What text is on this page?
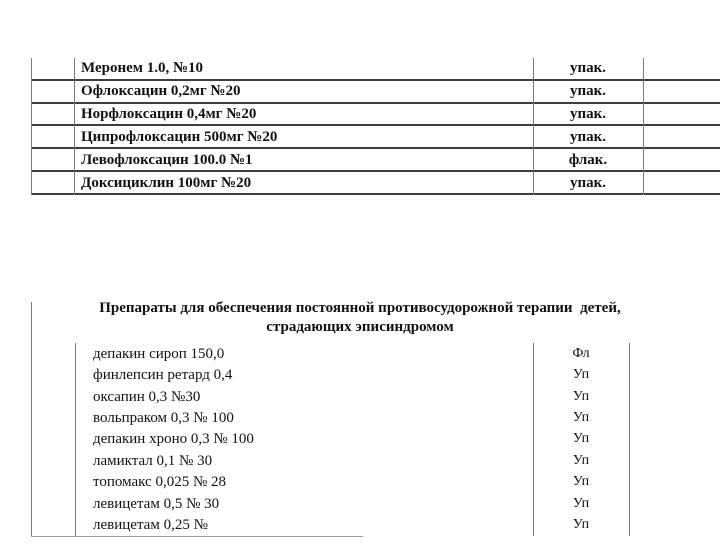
Меронем 1.0, №10	упак.
Офлоксацин 0,2мг №20	упак.
Норфлоксацин 0,4мг №20	упак.
Ципрофлоксацин 500мг №20	упак.
Левофлоксацин 100.0 №1	флак.
Доксициклин 100мг №20	упак.
Препараты для обеспечения постоянной противосудорожной терапии  детей,
страдающих эписиндромом
депакин сироп 150,0	Фл
финлепсин ретард 0,4	Уп
оксапин 0,3 №30	Уп
вольпраком 0,3 № 100	Уп
депакин хроно 0,3 № 100	Уп
ламиктал 0,1 № 30	Уп
топомакс 0,025 № 28	Уп
левицетам 0,5 № 30	Уп
левицетам 0,25 №	Уп
